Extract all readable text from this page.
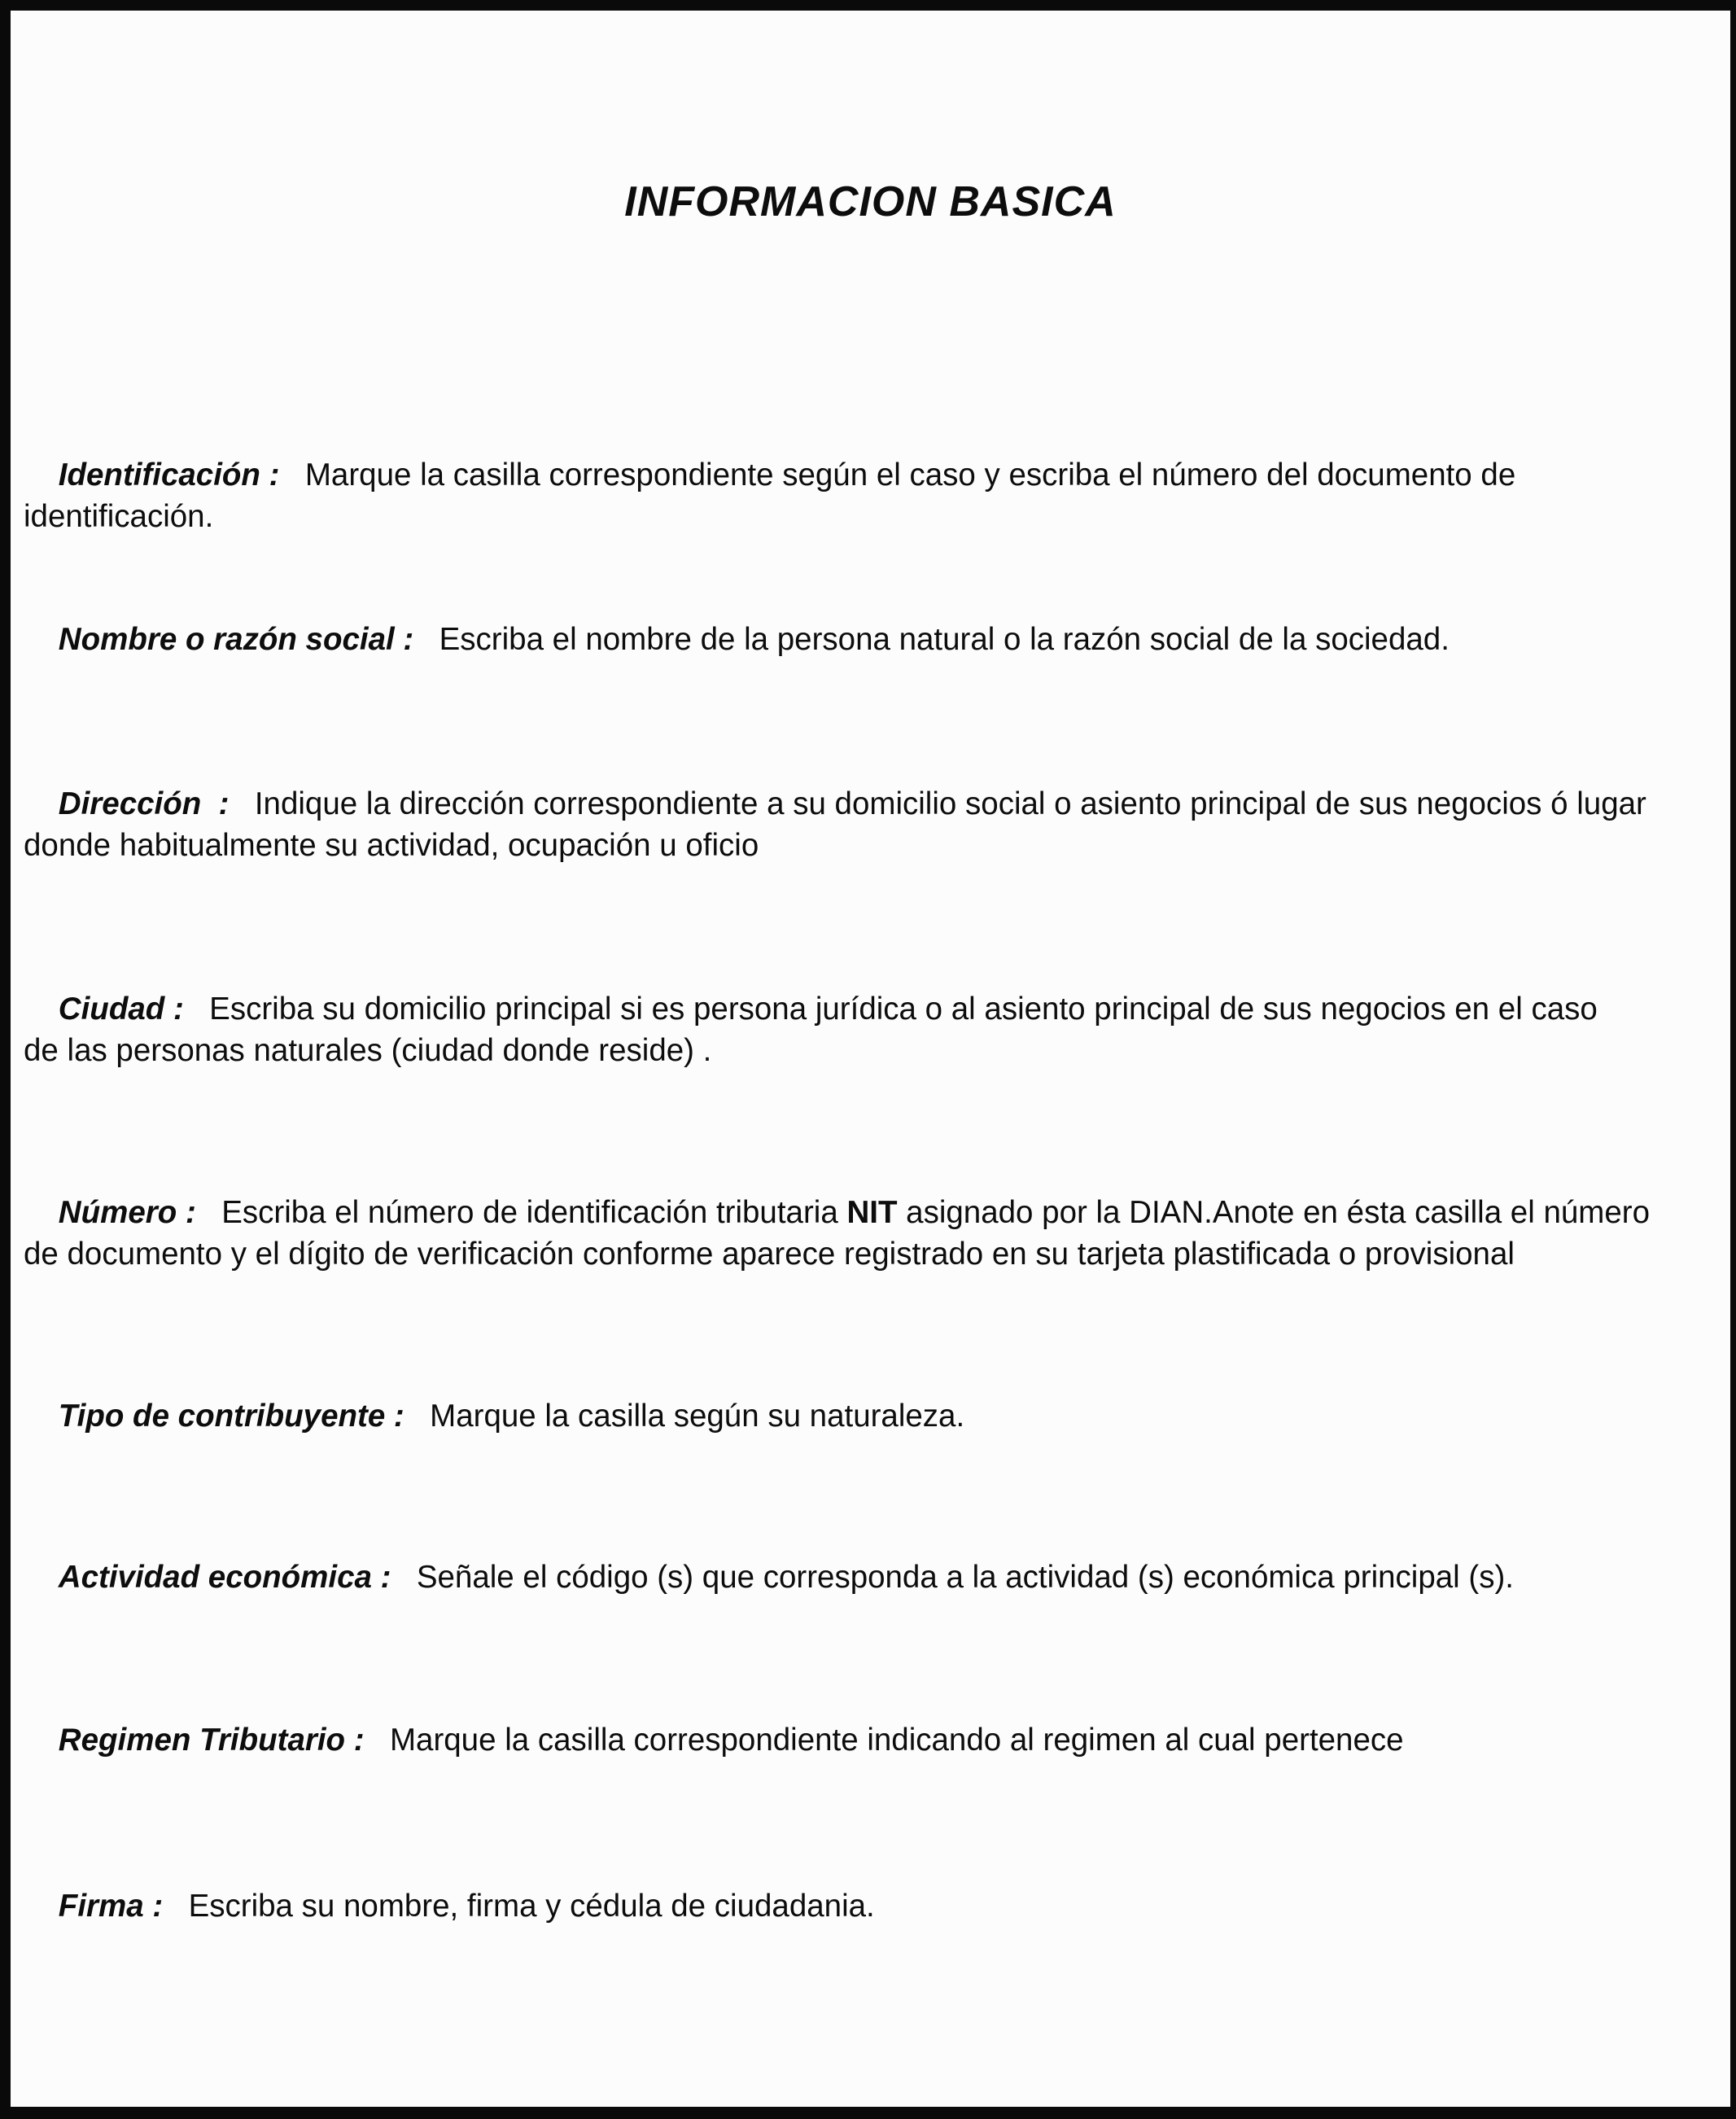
INFORMACION BASICA

Identificación :  Marque la casilla correspondiente según el caso y escriba el número del documento de
identificación.

Nombre o razón social :  Escriba el nombre de la persona natural o la razón social de la sociedad.

Dirección  :  Indique la dirección correspondiente a su domicilio social o asiento principal de sus negocios ó lugar
donde habitualmente su actividad, ocupación u oficio

Ciudad :  Escriba su domicilio principal si es persona jurídica o al asiento principal de sus negocios en el caso
de las personas naturales (ciudad donde reside) .

Número :  Escriba el número de identificación tributaria NIT asignado por la DIAN.Anote en ésta casilla el número
de documento y el dígito de verificación conforme aparece registrado en su tarjeta plastificada o provisional

Tipo de contribuyente :  Marque la casilla según su naturaleza.

Actividad económica :  Señale el código (s) que corresponda a la actividad (s) económica principal (s).

Regimen Tributario :  Marque la casilla correspondiente indicando al regimen al cual pertenece

Firma :  Escriba su nombre, firma y cédula de ciudadania.
